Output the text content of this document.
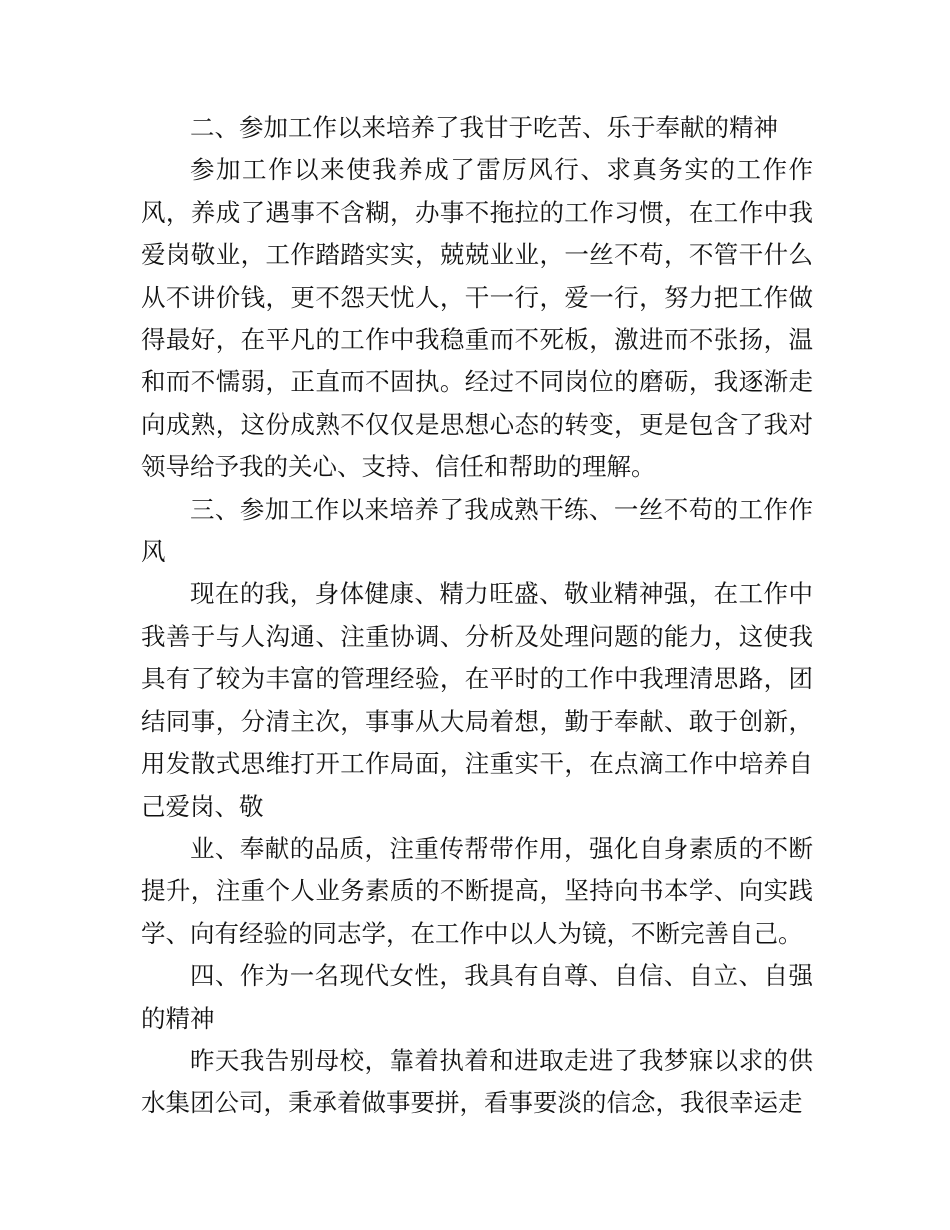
二、参加工作以来培养了我甘于吃苦、乐于奉献的精神

参加工作以来使我养成了雷厉风行、求真务实的工作作风，养成了遇事不含糊，办事不拖拉的工作习惯，在工作中我爱岗敬业，工作踏踏实实，兢兢业业，一丝不苟，不管干什么从不讲价钱，更不怨天忧人，干一行，爱一行，努力把工作做得最好，在平凡的工作中我稳重而不死板，激进而不张扬，温和而不懦弱，正直而不固执。经过不同岗位的磨砺，我逐渐走向成熟，这份成熟不仅仅是思想心态的转变，更是包含了我对领导给予我的关心、支持、信任和帮助的理解。

三、参加工作以来培养了我成熟干练、一丝不苟的工作作风

现在的我，身体健康、精力旺盛、敬业精神强，在工作中我善于与人沟通、注重协调、分析及处理问题的能力，这使我具有了较为丰富的管理经验，在平时的工作中我理清思路，团结同事，分清主次，事事从大局着想，勤于奉献、敢于创新，用发散式思维打开工作局面，注重实干，在点滴工作中培养自己爱岗、敬

业、奉献的品质，注重传帮带作用，强化自身素质的不断提升，注重个人业务素质的不断提高，坚持向书本学、向实践学、向有经验的同志学，在工作中以人为镜，不断完善自己。

四、作为一名现代女性，我具有自尊、自信、自立、自强的精神

昨天我告别母校，靠着执着和进取走进了我梦寐以求的供水集团公司，秉承着做事要拼，看事要淡的信念，我很幸运走
